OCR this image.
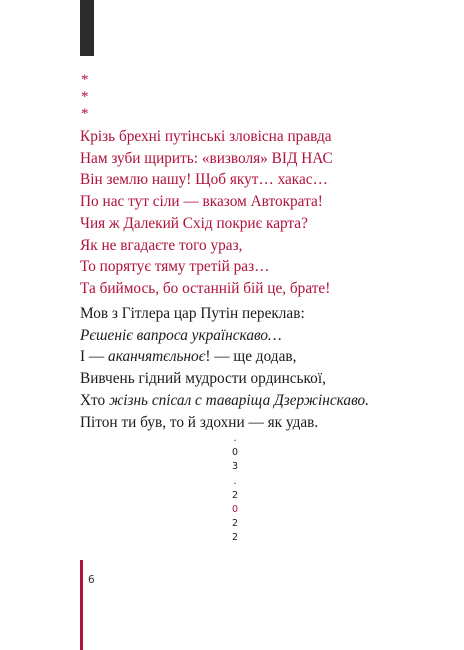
*
*
*
Крізь брехні путінські зловісна правда
Нам зуби щирить: «визволя» ВІД НАС
Він землю нашу! Щоб якут… хакас…
По нас тут сіли — вказом Автократа!
Чия ж Далекий Схід покриє карта?
Як не вгадаєте того ураз,
То порятує тяму третій раз…
Та биймось, бо останній бій це, брате!
Мов з Гітлера цар Путін переклав:
Рєшеніє вапроса українскаво…
І — аканчятєльноє! — ще додав,
Вивчень гідний мудрости ординської,
Хто жізнь спісал с таваріща Дзержінскаво.
Пітон ти був, то й здохни — як удав.
.
0
3
.
2
0
2
2
6
